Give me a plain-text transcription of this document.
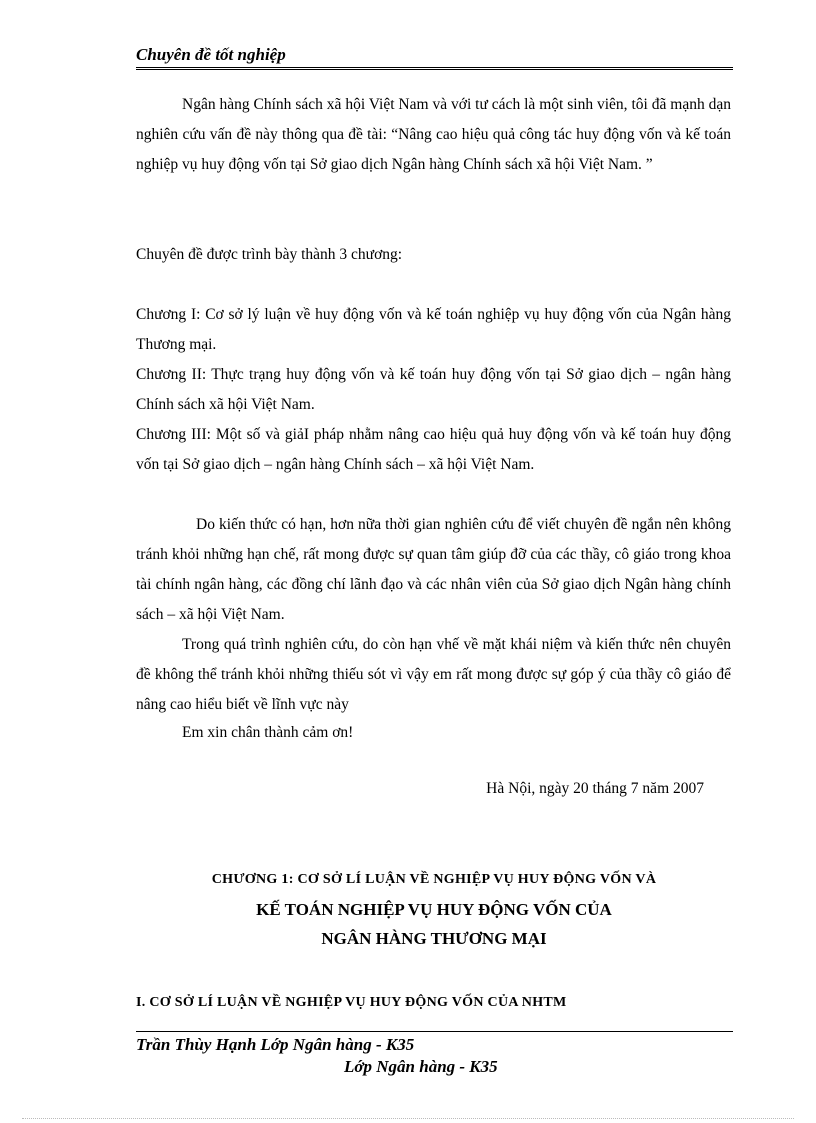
Chuyên đề tốt nghiệp
Ngân hàng Chính sách xã hội Việt Nam và với tư cách là một sinh viên, tôi đã mạnh dạn nghiên cứu vấn đề này thông qua đề tài: “Nâng cao hiệu quả công tác huy động vốn và kế toán nghiệp vụ huy động vốn tại Sở giao dịch Ngân hàng Chính sách xã hội Việt Nam. ”
Chuyên đề được trình bày thành 3 chương:
Chương I: Cơ sở lý luận về huy động vốn và kế toán nghiệp vụ huy động vốn của Ngân hàng Thương mại.
Chương II: Thực trạng huy động vốn và kế toán huy động vốn tại Sở giao dịch – ngân hàng Chính sách xã hội Việt Nam.
Chương III: Một số và giảI pháp nhằm nâng cao hiệu quả huy động vốn và kế toán huy động vốn tại Sở giao dịch – ngân hàng Chính sách – xã hội Việt Nam.
Do kiến thức có hạn, hơn nữa thời gian nghiên cứu để viết chuyên đề ngắn nên không tránh khỏi những hạn chế, rất mong được sự quan tâm giúp đỡ của các thầy, cô giáo trong khoa tài chính ngân hàng, các đồng chí lãnh đạo và các nhân viên của Sở giao dịch Ngân hàng chính sách – xã hội Việt Nam.
Trong quá trình nghiên cứu, do còn hạn vhế về mặt khái niệm và kiến thức nên chuyên đề không thể tránh khỏi những thiếu sót vì vậy em rất mong được sự góp ý của thầy cô giáo để nâng cao hiểu biết về lĩnh vực này
Em xin chân thành cảm ơn!
Hà Nội, ngày 20 tháng 7 năm 2007
CHƯƠNG 1: CƠ SỞ LÍ LUẬN VỀ NGHIỆP VỤ HUY ĐỘNG VỐN VÀ
KẾ TOÁN NGHIỆP VỤ HUY ĐỘNG VỐN CỦA
NGÂN HÀNG THƯƠNG MẠI
I. CƠ SỞ LÍ LUẬN VỀ NGHIỆP VỤ HUY ĐỘNG VỐN CỦA NHTM
Trần Thùy Hạnh Lớp Ngân hàng - K35
Lớp Ngân hàng - K35
